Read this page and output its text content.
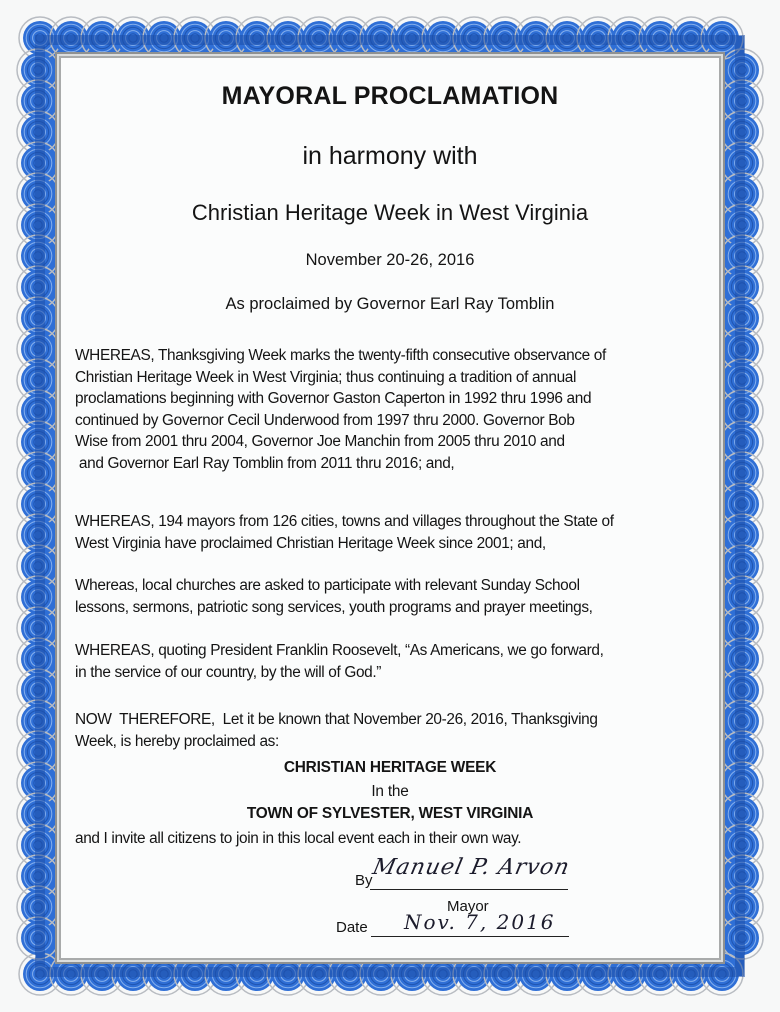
MAYORAL PROCLAMATION
in harmony with
Christian Heritage Week in West Virginia
November 20-26, 2016
As proclaimed by Governor Earl Ray Tomblin
WHEREAS, Thanksgiving Week marks the twenty-fifth consecutive observance of
Christian Heritage Week in West Virginia; thus continuing a tradition of annual
proclamations beginning with Governor Gaston Caperton in 1992 thru 1996 and
continued by Governor Cecil Underwood from 1997 thru 2000. Governor Bob
Wise from 2001 thru 2004, Governor Joe Manchin from 2005 thru 2010 and
and Governor Earl Ray Tomblin from 2011 thru 2016; and,
WHEREAS, 194 mayors from 126 cities, towns and villages throughout the State of
West Virginia have proclaimed Christian Heritage Week since 2001; and,
Whereas, local churches are asked to participate with relevant Sunday School
lessons, sermons, patriotic song services, youth programs and prayer meetings,
WHEREAS, quoting President Franklin Roosevelt, “As Americans, we go forward,
in the service of our country, by the will of God.”
NOW  THEREFORE,  Let it be known that November 20-26, 2016, Thanksgiving
Week, is hereby proclaimed as:
CHRISTIAN HERITAGE WEEK
In the
TOWN OF SYLVESTER, WEST VIRGINIA
and I invite all citizens to join in this local event each in their own way.
By
Manuel P. Arvon
Mayor
Date Nov. 7, 2016
